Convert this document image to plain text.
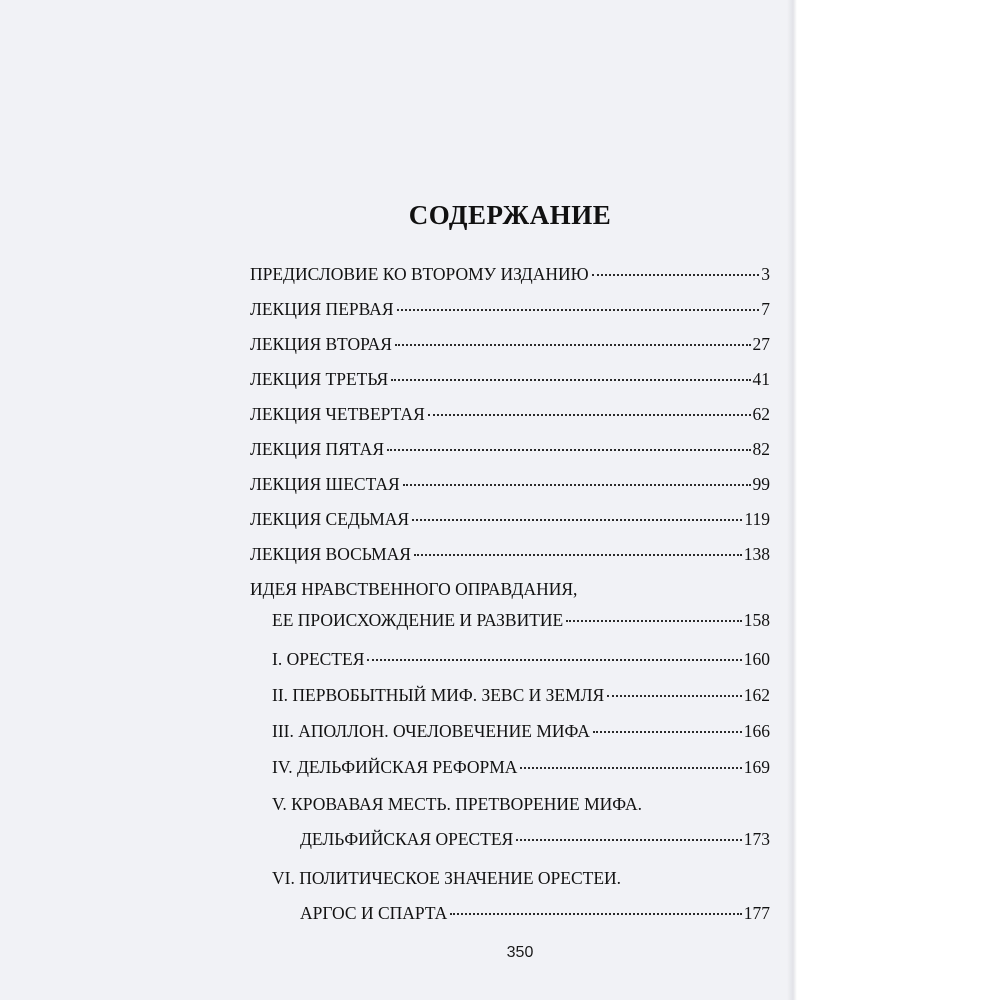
СОДЕРЖАНИЕ
ПРЕДИСЛОВИЕ КО ВТОРОМУ ИЗДАНИЮ	3
ЛЕКЦИЯ ПЕРВАЯ	7
ЛЕКЦИЯ ВТОРАЯ	27
ЛЕКЦИЯ ТРЕТЬЯ	41
ЛЕКЦИЯ ЧЕТВЕРТАЯ	62
ЛЕКЦИЯ ПЯТАЯ	82
ЛЕКЦИЯ ШЕСТАЯ	99
ЛЕКЦИЯ СЕДЬМАЯ	119
ЛЕКЦИЯ ВОСЬМАЯ	138
ИДЕЯ НРАВСТВЕННОГО ОПРАВДАНИЯ,
ЕЕ ПРОИСХОЖДЕНИЕ И РАЗВИТИЕ	158
I. ОРЕСТЕЯ	160
II. ПЕРВОБЫТНЫЙ МИФ. ЗЕВС И ЗЕМЛЯ	162
III. АПОЛЛОН. ОЧЕЛОВЕЧЕНИЕ МИФА	166
IV. ДЕЛЬФИЙСКАЯ РЕФОРМА	169
V. КРОВАВАЯ МЕСТЬ. ПРЕТВОРЕНИЕ МИФА.
ДЕЛЬФИЙСКАЯ ОРЕСТЕЯ	173
VI. ПОЛИТИЧЕСКОЕ ЗНАЧЕНИЕ ОРЕСТЕИ.
АРГОС И СПАРТА	177
350
